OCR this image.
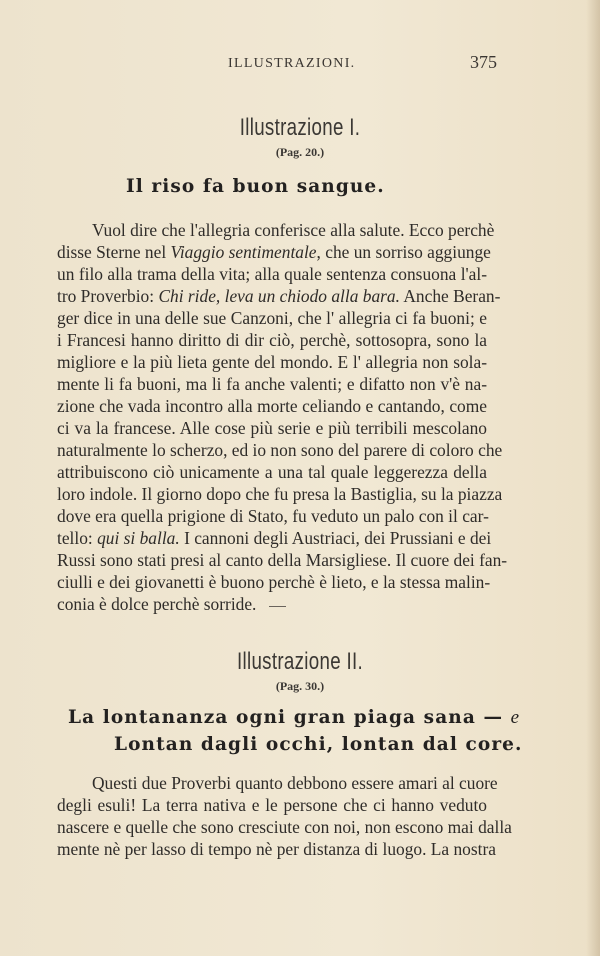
ILLUSTRAZIONI.	375
Illustrazione I.
(Pag. 20.)
Il riso fa buon sangue.
Vuol dire che l'allegria conferisce alla salute. Ecco perchè
disse Sterne nel Viaggio sentimentale, che un sorriso aggiunge
un filo alla trama della vita; alla quale sentenza consuona l'al-
tro Proverbio: Chi ride, leva un chiodo alla bara. Anche Beran-
ger dice in una delle sue Canzoni, che l' allegria ci fa buoni; e
i Francesi hanno diritto di dir ciò, perchè, sottosopra, sono la
migliore e la più lieta gente del mondo. E l' allegria non sola-
mente li fa buoni, ma li fa anche valenti; e difatto non v'è na-
zione che vada incontro alla morte celiando e cantando, come
ci va la francese. Alle cose più serie e più terribili mescolano
naturalmente lo scherzo, ed io non sono del parere di coloro che
attribuiscono ciò unicamente a una tal quale leggerezza della
loro indole. Il giorno dopo che fu presa la Bastiglia, su la piazza
dove era quella prigione di Stato, fu veduto un palo con il car-
tello: qui si balla. I cannoni degli Austriaci, dei Prussiani e dei
Russi sono stati presi al canto della Marsigliese. Il cuore dei fan-
ciulli e dei giovanetti è buono perchè è lieto, e la stessa malin-
conia è dolce perchè sorride.
Illustrazione II.
(Pag. 30.)
La lontananza ogni gran piaga sana — e
Lontan dagli occhi, lontan dal core.
Questi due Proverbi quanto debbono essere amari al cuore
degli esuli! La terra nativa e le persone che ci hanno veduto
nascere e quelle che sono cresciute con noi, non escono mai dalla
mente nè per lasso di tempo nè per distanza di luogo. La nostra
